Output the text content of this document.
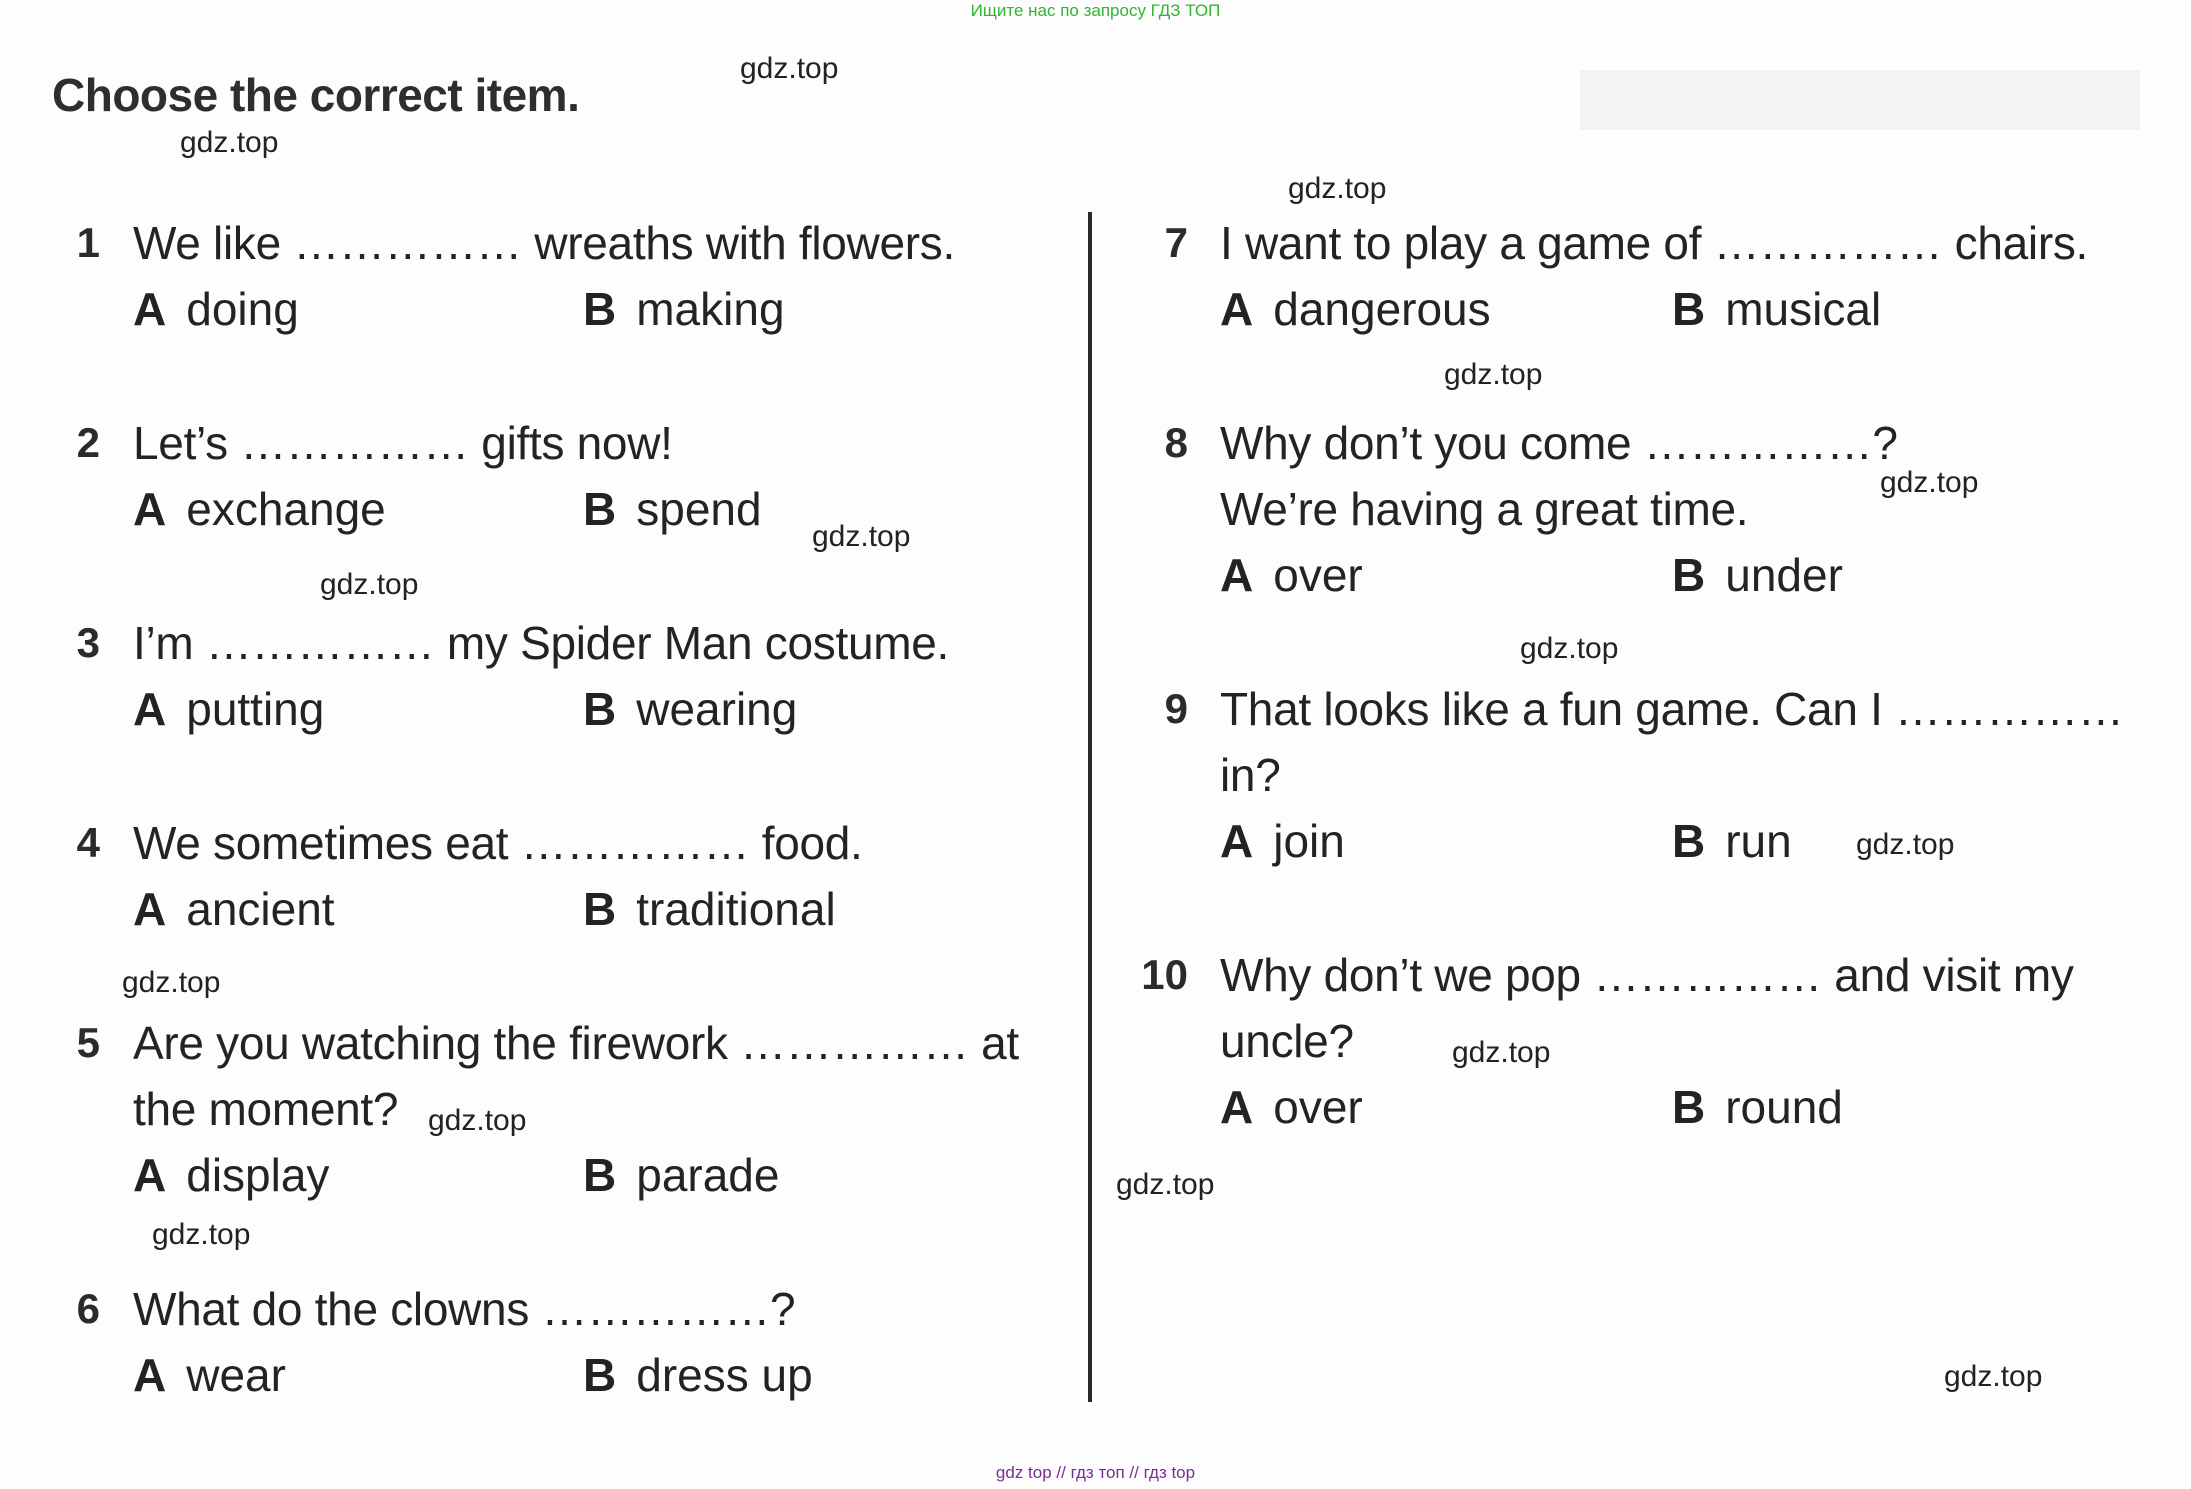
Ищите нас по запросу ГДЗ ТОП
Choose the correct item.
1 We like …………… wreaths with flowers.
A doing	B making
2 Let’s …………… gifts now!
A exchange	B spend
3 I’m …………… my Spider Man costume.
A putting	B wearing
4 We sometimes eat …………… food.
A ancient	B traditional
5 Are you watching the firework …………… at
the moment?
A display	B parade
6 What do the clowns ……………?
A wear	B dress up
7 I want to play a game of …………… chairs.
A dangerous	B musical
8 Why don’t you come ……………?
We’re having a great time.
A over	B under
9 That looks like a fun game. Can I ……………
in?
A join	B run
10 Why don’t we pop …………… and visit my
uncle?
A over	B round
gdz.top
gdz.top
gdz.top
gdz.top
gdz.top
gdz.top
gdz.top
gdz.top
gdz.top
gdz.top
gdz.top
gdz.top
gdz.top
gdz.top
gdz.top
gdz top // гдз топ // гдз top
